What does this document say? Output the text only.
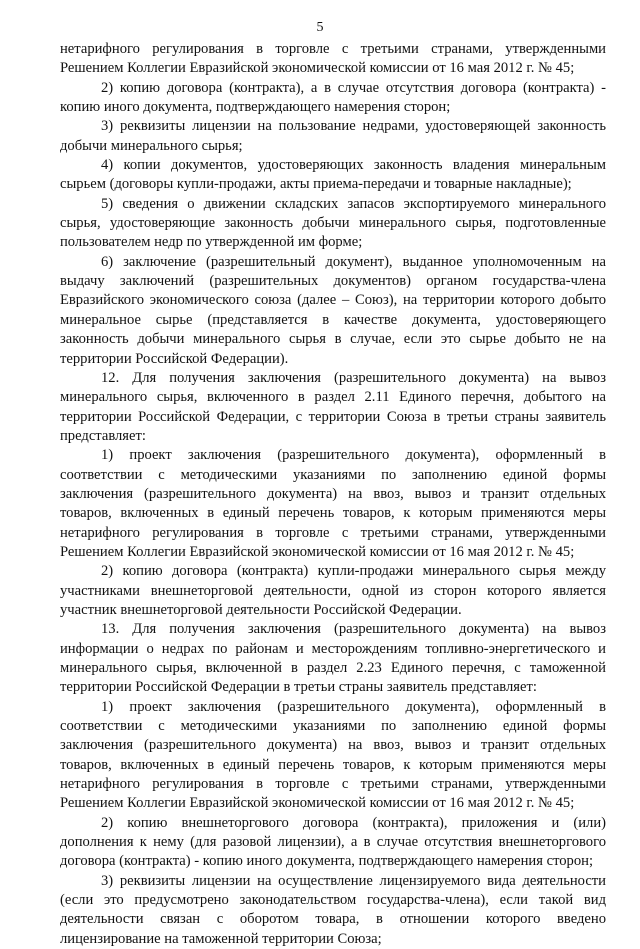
5
нетарифного регулирования в торговле с третьими странами, утвержденными
Решением Коллегии Евразийской экономической комиссии от 16 мая 2012 г. № 45;
2) копию договора (контракта), а в случае отсутствия договора (контракта) -
копию иного документа, подтверждающего намерения сторон;
3) реквизиты лицензии на пользование недрами, удостоверяющей законность
добычи минерального сырья;
4) копии документов, удостоверяющих законность владения минеральным
сырьем (договоры купли-продажи, акты приема-передачи и товарные накладные);
5) сведения о движении складских запасов экспортируемого минерального
сырья, удостоверяющие законность добычи минерального сырья, подготовленные
пользователем недр по утвержденной им форме;
6) заключение (разрешительный документ), выданное уполномоченным на
выдачу заключений (разрешительных документов) органом государства-члена
Евразийского экономического союза (далее – Союз), на территории которого добыто
минеральное сырье (представляется в качестве документа, удостоверяющего
законность добычи минерального сырья в случае, если это сырье добыто не на
территории Российской Федерации).
12. Для получения заключения (разрешительного документа) на вывоз
минерального сырья, включенного в раздел 2.11 Единого перечня, добытого на
территории Российской Федерации, с территории Союза в третьи страны заявитель
представляет:
1) проект заключения (разрешительного документа), оформленный в
соответствии с методическими указаниями по заполнению единой формы
заключения (разрешительного документа) на ввоз, вывоз и транзит отдельных
товаров, включенных в единый перечень товаров, к которым применяются меры
нетарифного регулирования в торговле с третьими странами, утвержденными
Решением Коллегии Евразийской экономической комиссии от 16 мая 2012 г. № 45;
2) копию договора (контракта) купли-продажи минерального сырья между
участниками внешнеторговой деятельности, одной из сторон которого является
участник внешнеторговой деятельности Российской Федерации.
13. Для получения заключения (разрешительного документа) на вывоз
информации о недрах по районам и месторождениям топливно-энергетического и
минерального сырья, включенной в раздел 2.23 Единого перечня, с таможенной
территории Российской Федерации в третьи страны заявитель представляет:
1) проект заключения (разрешительного документа), оформленный в
соответствии с методическими указаниями по заполнению единой формы
заключения (разрешительного документа) на ввоз, вывоз и транзит отдельных
товаров, включенных в единый перечень товаров, к которым применяются меры
нетарифного регулирования в торговле с третьими странами, утвержденными
Решением Коллегии Евразийской экономической комиссии от 16 мая 2012 г. № 45;
2) копию внешнеторгового договора (контракта), приложения и (или)
дополнения к нему (для разовой лицензии), а в случае отсутствия внешнеторгового
договора (контракта) - копию иного документа, подтверждающего намерения сторон;
3) реквизиты лицензии на осуществление лицензируемого вида деятельности
(если это предусмотрено законодательством государства-члена), если такой вид
деятельности связан с оборотом товара, в отношении которого введено
лицензирование на таможенной территории Союза;
